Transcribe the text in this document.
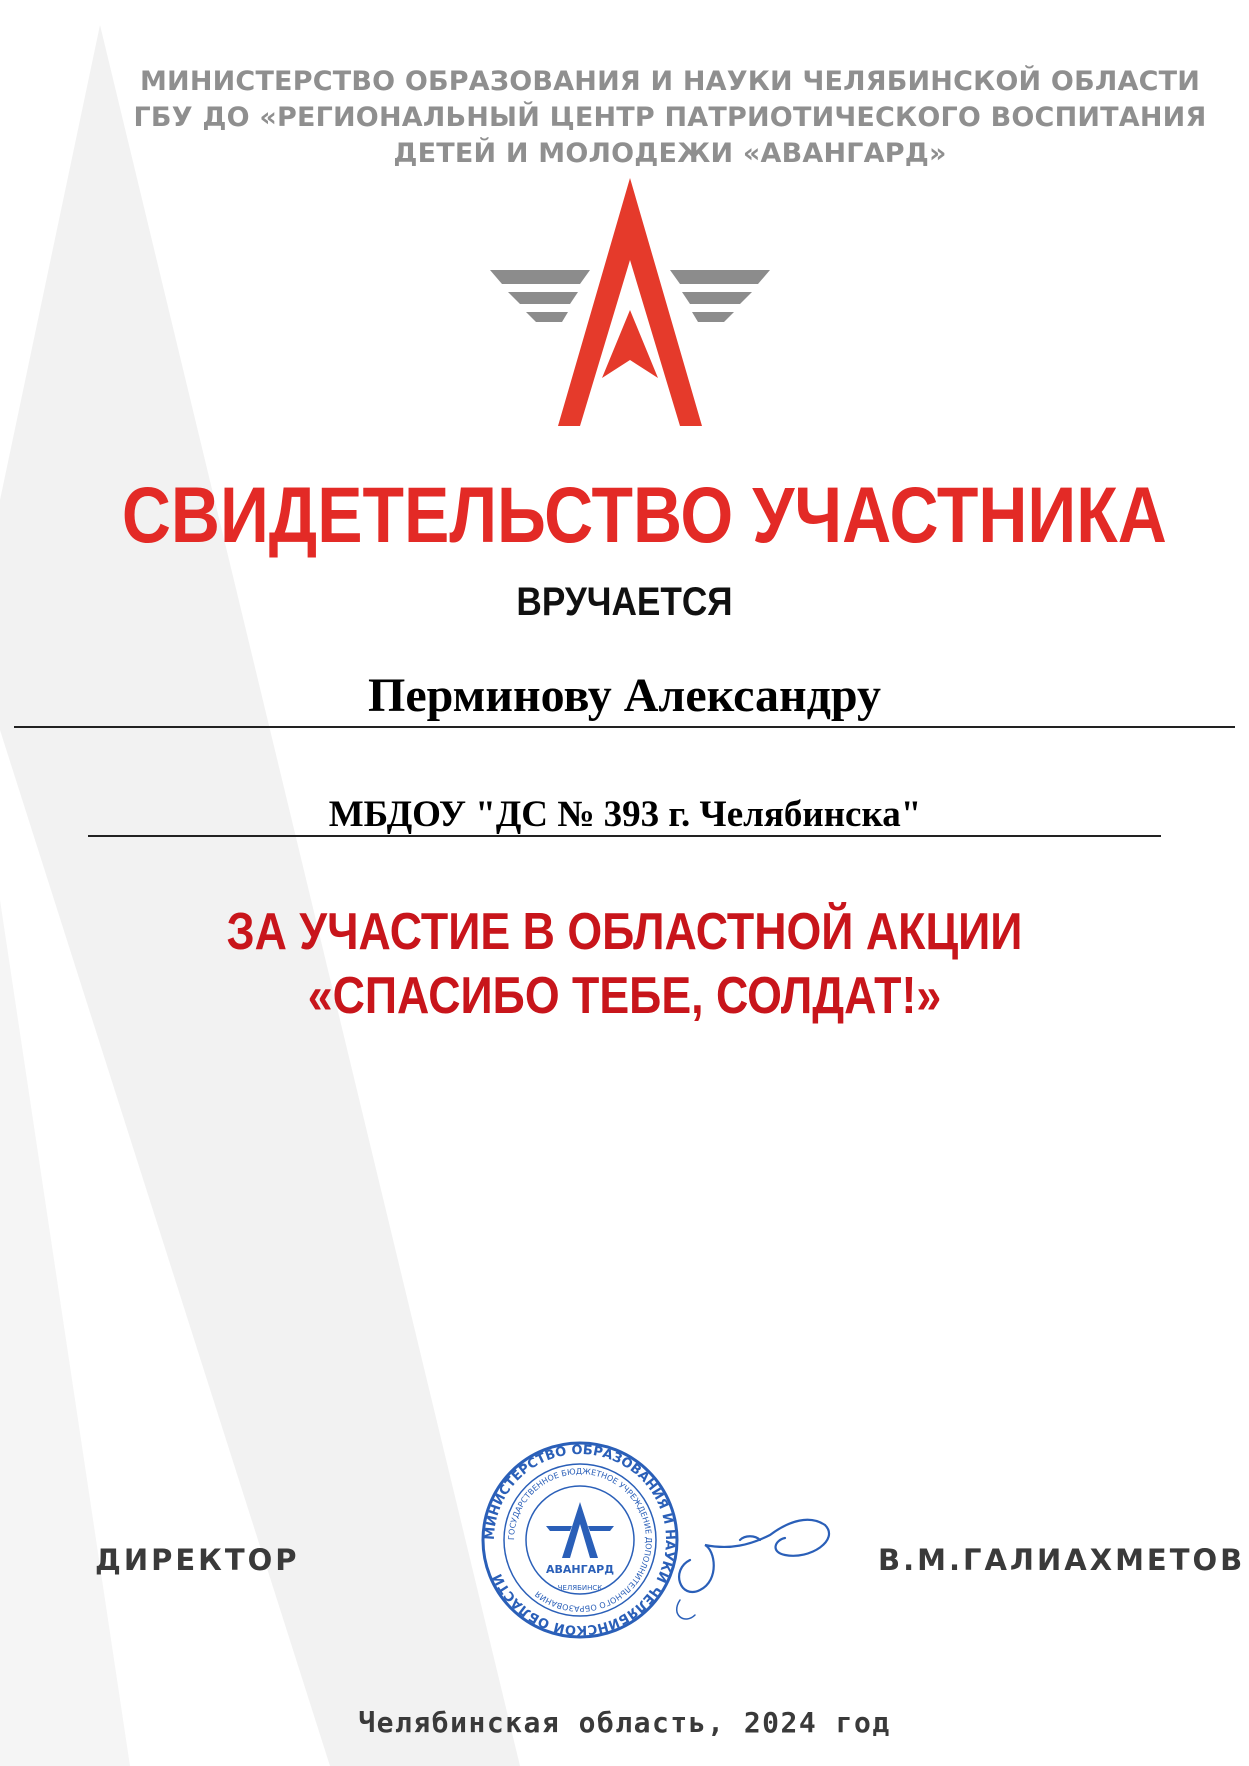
МИНИСТЕРСТВО ОБРАЗОВАНИЯ И НАУКИ ЧЕЛЯБИНСКОЙ ОБЛАСТИ
ГБУ ДО «РЕГИОНАЛЬНЫЙ ЦЕНТР ПАТРИОТИЧЕСКОГО ВОСПИТАНИЯ
ДЕТЕЙ И МОЛОДЕЖИ «АВАНГАРД»
СВИДЕТЕЛЬСТВО УЧАСТНИКА
ВРУЧАЕТСЯ
Перминову Александру
МБДОУ "ДС № 393 г. Челябинска"
ЗА УЧАСТИЕ В ОБЛАСТНОЙ АКЦИИ
«СПАСИБО ТЕБЕ, СОЛДАТ!»
ДИРЕКТОР
МИНИСТЕРСТВО ОБРАЗОВАНИЯ И НАУКИ ЧЕЛЯБИНСКОЙ ОБЛАСТИ
ГОСУДАРСТВЕННОЕ БЮДЖЕТНОЕ УЧРЕЖДЕНИЕ ДОПОЛНИТЕЛЬНОГО ОБРАЗОВАНИЯ
АВАНГАРД
ЧЕЛЯБИНСК
В.М.ГАЛИАХМЕТОВ
Челябинская область, 2024 год
